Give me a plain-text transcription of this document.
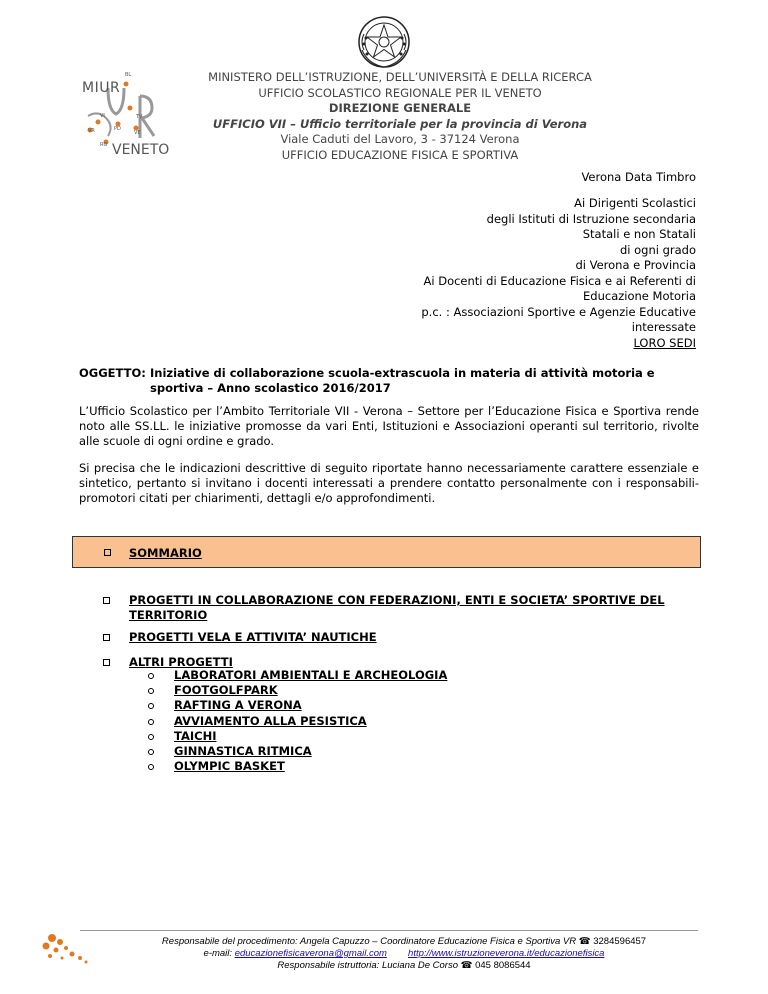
BL
TV
VI
VR	PD
VE
RO
MIUR
VENETO
MINISTERO DELL’ISTRUZIONE, DELL’UNIVERSITÀ E DELLA RICERCA
UFFICIO SCOLASTICO REGIONALE PER IL VENETO
DIREZIONE GENERALE
UFFICIO VII – Ufficio territoriale per la provincia di Verona
Viale Caduti del Lavoro, 3 - 37124 Verona
UFFICIO EDUCAZIONE FISICA E SPORTIVA
Verona Data Timbro
Ai Dirigenti Scolastici
degli Istituti di Istruzione secondaria
Statali e non Statali
di ogni grado
di Verona e Provincia
Ai Docenti di Educazione Fisica e ai Referenti di
Educazione Motoria
p.c. : Associazioni Sportive e Agenzie Educative
interessate
LORO SEDI
OGGETTO: Iniziative di collaborazione scuola-extrascuola in materia di attività motoria e
sportiva – Anno scolastico 2016/2017

L’Ufficio Scolastico per l’Ambito Territoriale VII - Verona – Settore per l’Educazione Fisica e Sportiva rende noto alle SS.LL. le iniziative promosse da vari Enti, Istituzioni e Associazioni operanti sul territorio, rivolte alle scuole di ogni ordine e grado.

Si precisa che le indicazioni descrittive di seguito riportate hanno necessariamente carattere essenziale e sintetico, pertanto si invitano i docenti interessati a prendere contatto personalmente con i responsabili-promotori citati per chiarimenti, dettagli e/o approfondimenti.

SOMMARIO
PROGETTI IN COLLABORAZIONE CON FEDERAZIONI, ENTI E SOCIETA’ SPORTIVE DEL TERRITORIO
PROGETTI VELA E ATTIVITA’ NAUTICHE
ALTRI PROGETTI
LABORATORI AMBIENTALI E ARCHEOLOGIA
FOOTGOLFPARK
RAFTING A VERONA
AVVIAMENTO ALLA PESISTICA
TAICHI
GINNASTICA RITMICA
OLYMPIC BASKET
Responsabile del procedimento: Angela Capuzzo – Coordinatore Educazione Fisica e Sportiva VR ☎ 3284596457
e-mail: educazionefisicaverona@gmail.com http://www.istruzioneverona.it/educazionefisica
Responsabile istruttoria: Luciana De Corso ☎ 045 8086544
